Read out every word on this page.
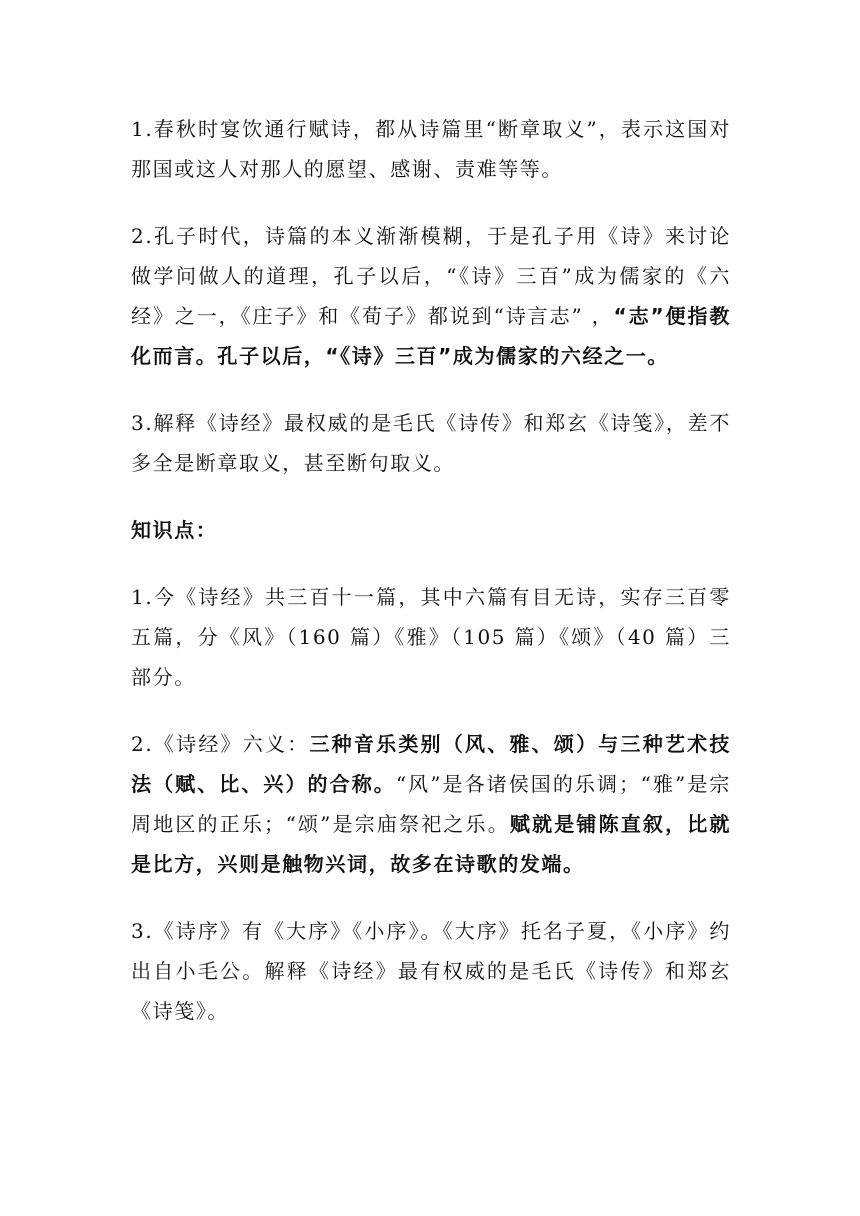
1.春秋时宴饮通行赋诗，都从诗篇里“断章取义”，表示这国对那国或这人对那人的愿望、感谢、责难等等。

2.孔子时代，诗篇的本义渐渐模糊，于是孔子用《诗》来讨论做学问做人的道理，孔子以后，“《诗》三百”成为儒家的《六经》之一，《庄子》和《荀子》都说到“诗言志” ，“志”便指教化而言。孔子以后，“《诗》三百”成为儒家的六经之一。

3.解释《诗经》最权威的是毛氏《诗传》和郑玄《诗笺》，差不多全是断章取义，甚至断句取义。

知识点：

1.今《诗经》共三百十一篇，其中六篇有目无诗，实存三百零五篇，分《风》（160 篇）《雅》（105 篇）《颂》（40 篇）三部分。

2.《诗经》六义：三种音乐类别（风、雅、颂）与三种艺术技法（赋、比、兴）的合称。“风”是各诸侯国的乐调；“雅”是宗周地区的正乐；“颂”是宗庙祭祀之乐。赋就是铺陈直叙，比就是比方，兴则是触物兴词，故多在诗歌的发端。

3.《诗序》有《大序》《小序》。《大序》托名子夏，《小序》约出自小毛公。解释《诗经》最有权威的是毛氏《诗传》和郑玄《诗笺》。
